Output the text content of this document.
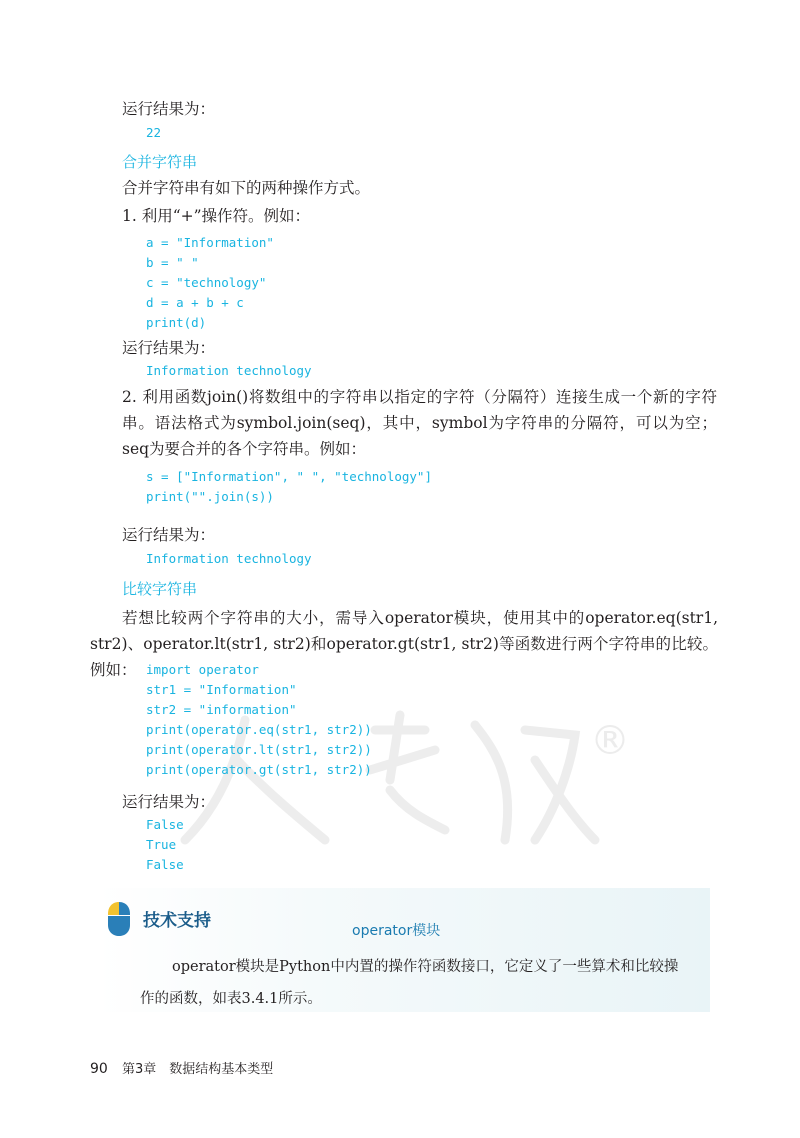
®
运行结果为：
22
合并字符串
合并字符串有如下的两种操作方式。
1. 利用“+”操作符。例如：
a = "Information"
b = " "
c = "technology"
d = a + b + c
print(d)
运行结果为：
Information technology
2. 利用函数join()将数组中的字符串以指定的字符（分隔符）连接生成一个新的字符串。语法格式为symbol.join(seq)，其中，symbol为字符串的分隔符，可以为空；seq为要合并的各个字符串。例如：
s = ["Information", " ", "technology"]
print("".join(s))
运行结果为：
Information technology
比较字符串
若想比较两个字符串的大小，需导入operator模块，使用其中的operator.eq(str1, str2)、operator.lt(str1, str2)和operator.gt(str1, str2)等函数进行两个字符串的比较。例如： import operator
str1 = "Information"
str2 = "information"
print(operator.eq(str1, str2))
print(operator.lt(str1, str2))
print(operator.gt(str1, str2))
运行结果为：
False
True
False
技术支持	operator模块
operator模块是Python中内置的操作符函数接口，它定义了一些算术和比较操作的函数，如表3.4.1所示。
90 第3章　数据结构基本类型
